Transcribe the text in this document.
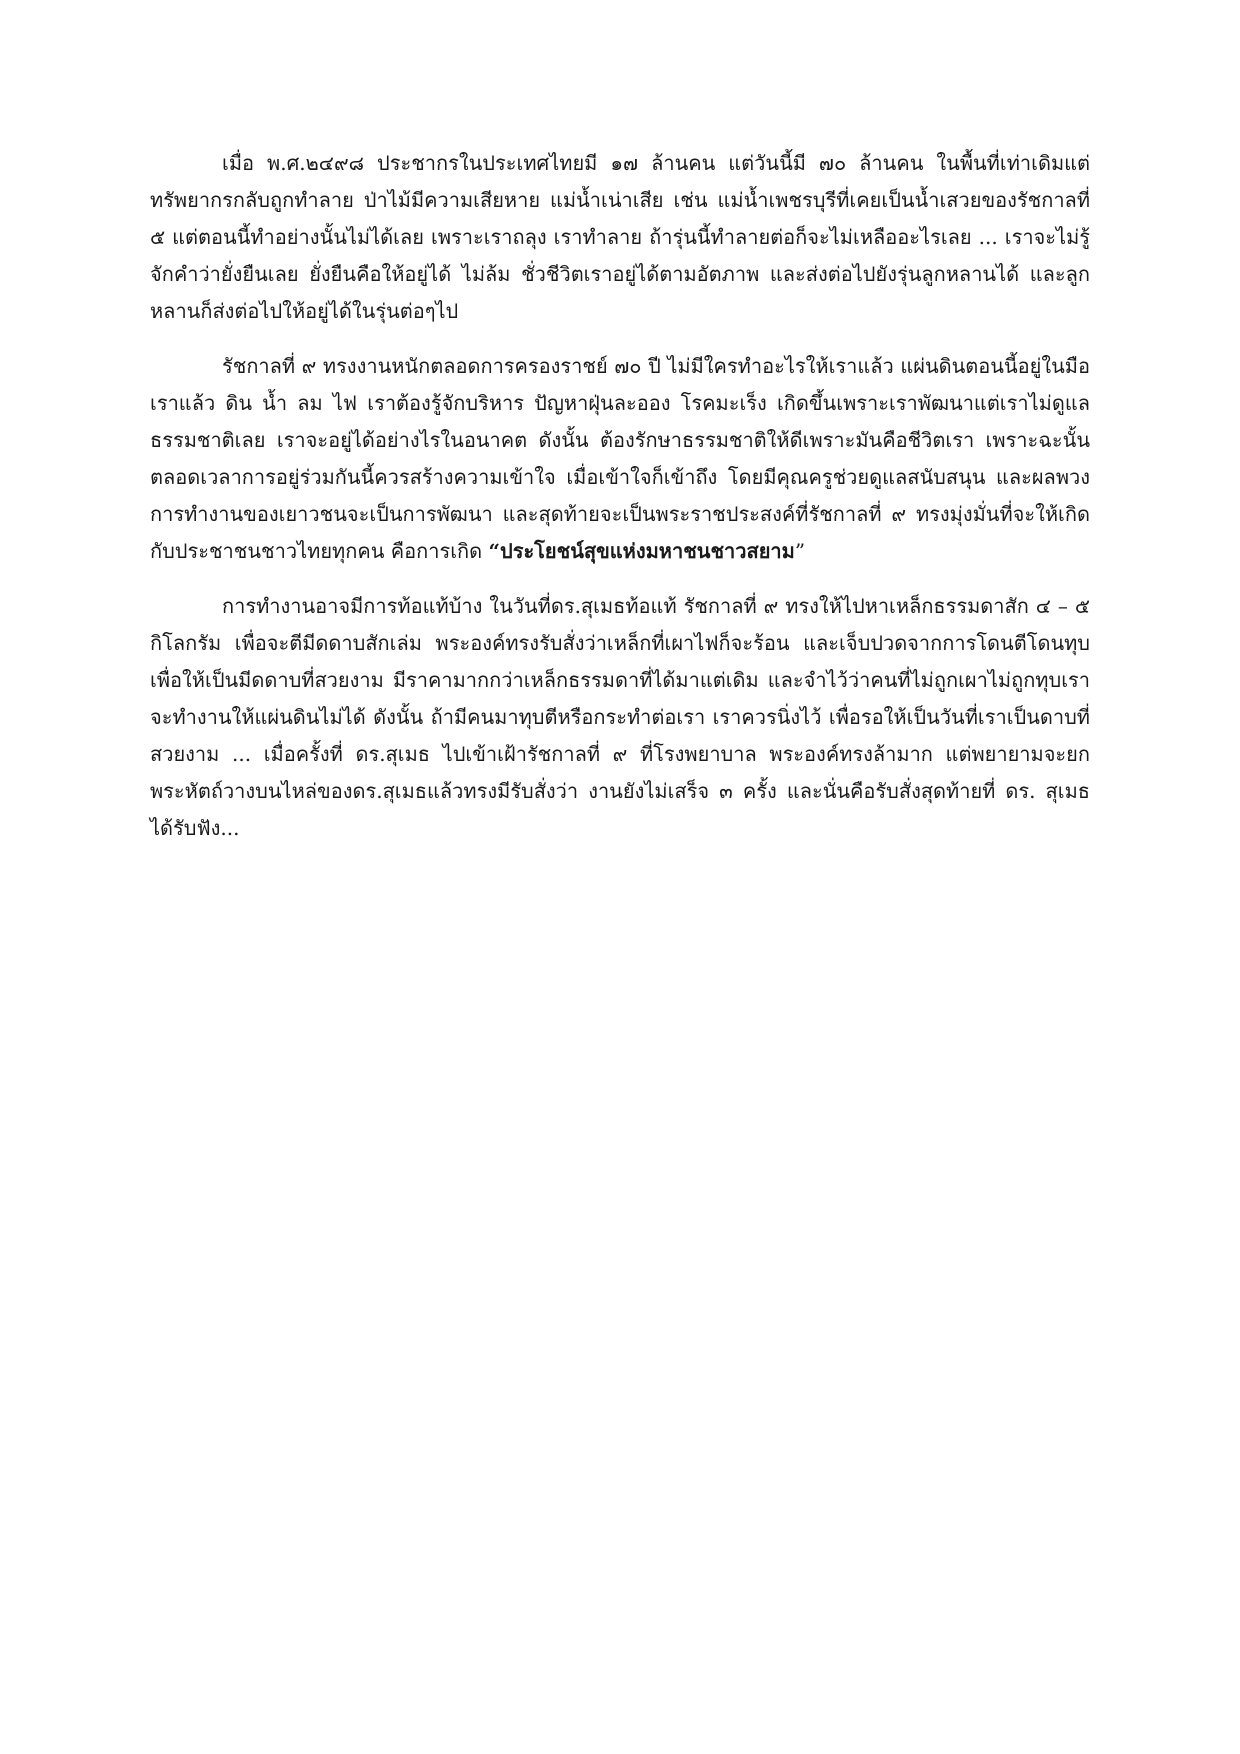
เมื่อ พ.ศ.๒๔๙๘ ประชากรในประเทศไทยมี ๑๗ ล้านคน แต่วันนี้มี ๗๐ ล้านคน ในพื้นที่เท่าเดิมแต่ทรัพยากรกลับถูกทำลาย ป่าไม้มีความเสียหาย แม่น้ำเน่าเสีย เช่น แม่น้ำเพชรบุรีที่เคยเป็นน้ำเสวยของรัชกาลที่ ๕ แต่ตอนนี้ทำอย่างนั้นไม่ได้เลย เพราะเราถลุง เราทำลาย ถ้ารุ่นนี้ทำลายต่อก็จะไม่เหลืออะไรเลย ... เราจะไม่รู้จักคำว่ายั่งยืนเลย ยั่งยืนคือให้อยู่ได้ ไม่ล้ม ชั่วชีวิตเราอยู่ได้ตามอัตภาพ และส่งต่อไปยังรุ่นลูกหลานได้ และลูกหลานก็ส่งต่อไปให้อยู่ได้ในรุ่นต่อๆไป

รัชกาลที่ ๙ ทรงงานหนักตลอดการครองราชย์ ๗๐ ปี ไม่มีใครทำอะไรให้เราแล้ว แผ่นดินตอนนี้อยู่ในมือเราแล้ว ดิน น้ำ ลม ไฟ เราต้องรู้จักบริหาร ปัญหาฝุ่นละออง โรคมะเร็ง เกิดขึ้นเพราะเราพัฒนาแต่เราไม่ดูแลธรรมชาติเลย เราจะอยู่ได้อย่างไรในอนาคต ดังนั้น ต้องรักษาธรรมชาติให้ดีเพราะมันคือชีวิตเรา เพราะฉะนั้นตลอดเวลาการอยู่ร่วมกันนี้ควรสร้างความเข้าใจ เมื่อเข้าใจก็เข้าถึง โดยมีคุณครูช่วยดูแลสนับสนุน และผลพวงการทำงานของเยาวชนจะเป็นการพัฒนา และสุดท้ายจะเป็นพระราชประสงค์ที่รัชกาลที่ ๙ ทรงมุ่งมั่นที่จะให้เกิดกับประชาชนชาวไทยทุกคน คือการเกิด “ประโยชน์สุขแห่งมหาชนชาวสยาม”

การทำงานอาจมีการท้อแท้บ้าง ในวันที่ดร.สุเมธท้อแท้ รัชกาลที่ ๙ ทรงให้ไปหาเหล็กธรรมดาสัก ๔ – ๕ กิโลกรัม เพื่อจะตีมีดดาบสักเล่ม พระองค์ทรงรับสั่งว่าเหล็กที่เผาไฟก็จะร้อน และเจ็บปวดจากการโดนตีโดนทุบ เพื่อให้เป็นมีดดาบที่สวยงาม มีราคามากกว่าเหล็กธรรมดาที่ได้มาแต่เดิม และจำไว้ว่าคนที่ไม่ถูกเผาไม่ถูกทุบเราจะทำงานให้แผ่นดินไม่ได้ ดังนั้น ถ้ามีคนมาทุบตีหรือกระทำต่อเรา เราควรนิ่งไว้ เพื่อรอให้เป็นวันที่เราเป็นดาบที่สวยงาม ... เมื่อครั้งที่ ดร.สุเมธ ไปเข้าเฝ้ารัชกาลที่ ๙ ที่โรงพยาบาล พระองค์ทรงล้ามาก แต่พยายามจะยกพระหัตถ์วางบนไหล่ของดร.สุเมธแล้วทรงมีรับสั่งว่า งานยังไม่เสร็จ ๓ ครั้ง และนั่นคือรับสั่งสุดท้ายที่ ดร. สุเมธ ได้รับฟัง...
